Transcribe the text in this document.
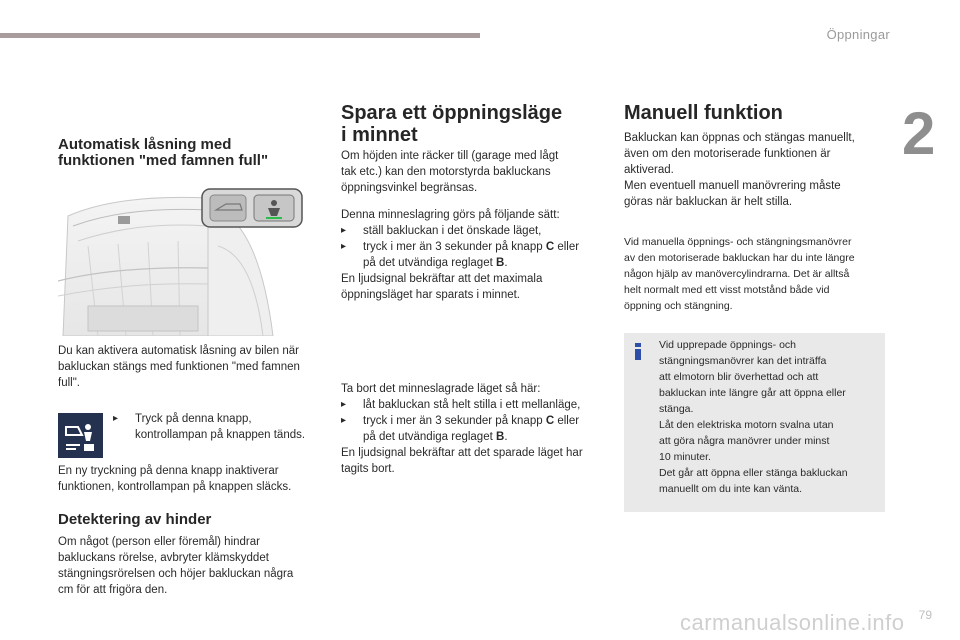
Öppningar
2
79
carmanualsonline.info
Automatisk låsning med
funktionen "med famnen full"
Du kan aktivera automatisk låsning av bilen när
bakluckan stängs med funktionen "med famnen
full".
▸	Tryck på denna knapp,
kontrollampan på knappen tänds.
En ny tryckning på denna knapp inaktiverar
funktionen, kontrollampan på knappen släcks.
Detektering av hinder
Om något (person eller föremål) hindrar
bakluckans rörelse, avbryter klämskyddet
stängningsrörelsen och höjer bakluckan några
cm för att frigöra den.
Spara ett öppningsläge
i minnet
Om höjden inte räcker till (garage med lågt
tak etc.) kan den motorstyrda bakluckans
öppningsvinkel begränsas.
Denna minneslagring görs på följande sätt:
▸	ställ bakluckan i det önskade läget,
▸	tryck i mer än 3 sekunder på knapp C eller
på det utvändiga reglaget B.
En ljudsignal bekräftar att det maximala
öppningsläget har sparats i minnet.
Ta bort det minneslagrade läget så här:
▸	låt bakluckan stå helt stilla i ett mellanläge,
▸	tryck i mer än 3 sekunder på knapp C eller
på det utvändiga reglaget B.
En ljudsignal bekräftar att det sparade läget har
tagits bort.
Manuell funktion
Bakluckan kan öppnas och stängas manuellt,
även om den motoriserade funktionen är
aktiverad.
Men eventuell manuell manövrering måste
göras när bakluckan är helt stilla.
Vid manuella öppnings- och stängningsmanövrer
av den motoriserade bakluckan har du inte längre
någon hjälp av manövercylindrarna. Det är alltså
helt normalt med ett visst motstånd både vid
öppning och stängning.
Vid upprepade öppnings- och
stängningsmanövrer kan det inträffa
att elmotorn blir överhettad och att
bakluckan inte längre går att öppna eller
stänga.
Låt den elektriska motorn svalna utan
att göra några manövrer under minst
10 minuter.
Det går att öppna eller stänga bakluckan
manuellt om du inte kan vänta.
